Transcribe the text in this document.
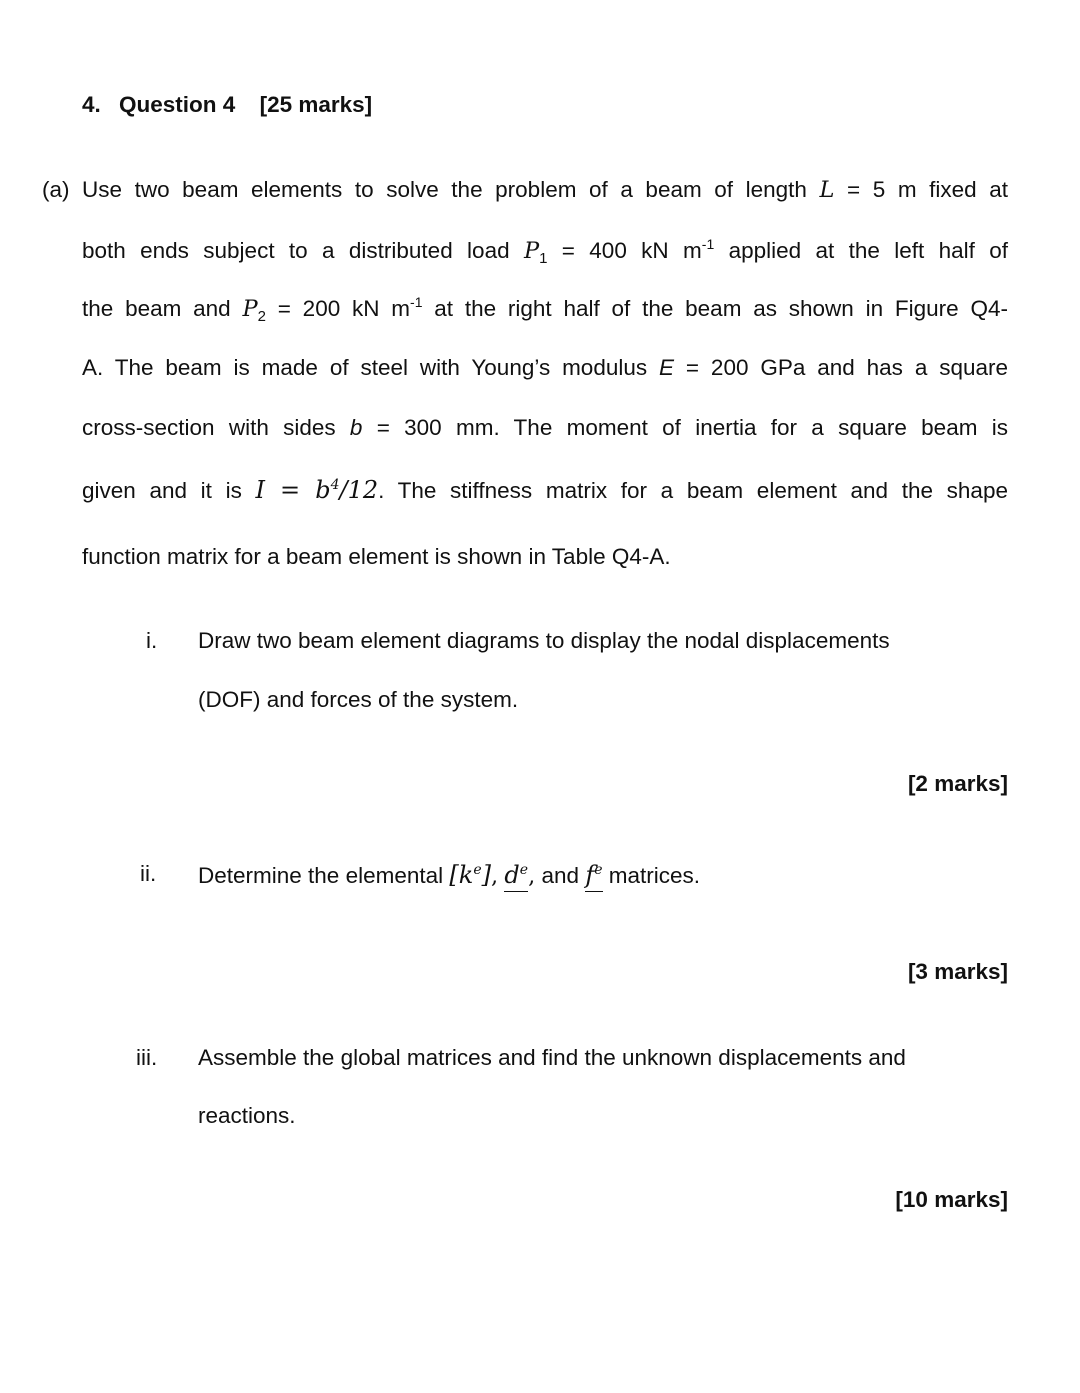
4. Question 4 [25 marks]
(a) Use two beam elements to solve the problem of a beam of length L = 5 m fixed at
both ends subject to a distributed load $P_1 = 400$ kN $m^{-1}$ applied at the left half of
the beam and $P_2 = 200$ kN $m^{-1}$ at the right half of the beam as shown in Figure Q4-
A. The beam is made of steel with Young’s modulus E = 200 GPa and has a square
cross-section with sides b = 300 mm. The moment of inertia for a square beam is
given and it is $I = b^4/12$. The stiffness matrix for a beam element and the shape
function matrix for a beam element is shown in Table Q4-A.
i. Draw two beam element diagrams to display the nodal displacements
(DOF) and forces of the system.
[2 marks]
ii. Determine the elemental $[k^e]$, $d^e$, and $f^e$ matrices.
[3 marks]
iii. Assemble the global matrices and find the unknown displacements and
reactions.
[10 marks]
